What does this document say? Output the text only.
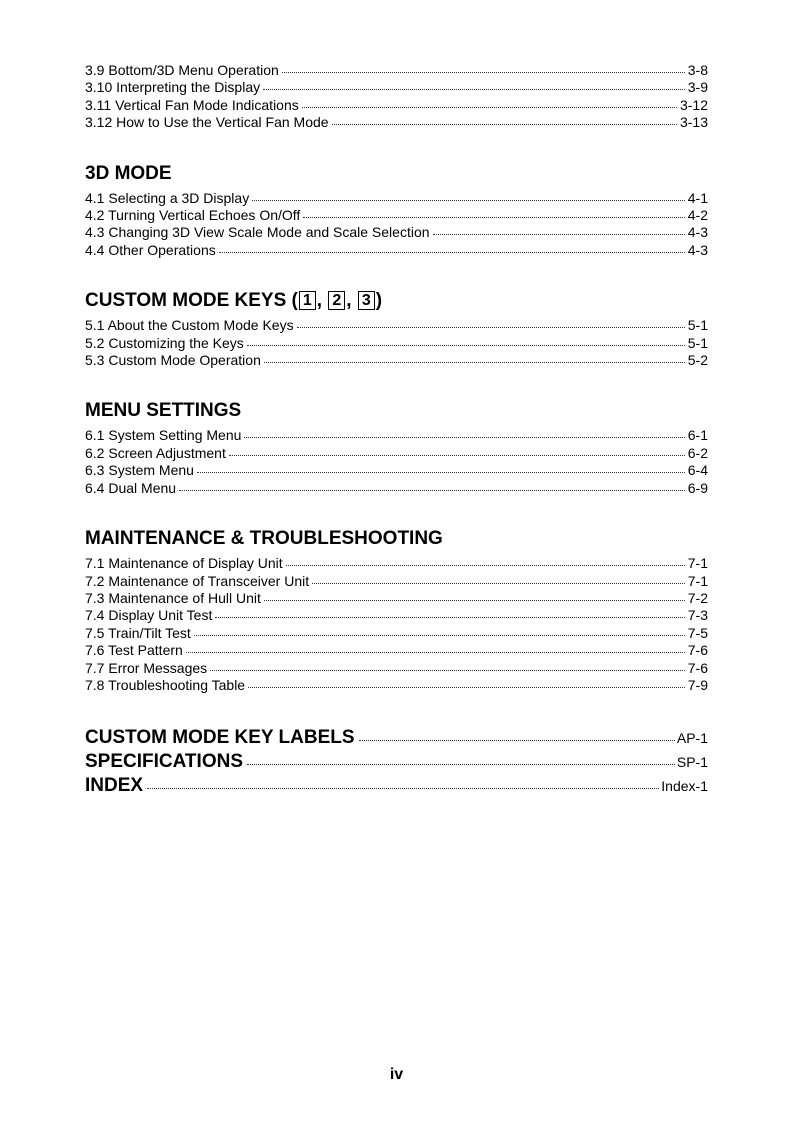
3.9 Bottom/3D Menu Operation	3-8
3.10 Interpreting the Display	3-9
3.11 Vertical Fan Mode Indications	3-12
3.12 How to Use the Vertical Fan Mode	3-13
3D MODE
4.1 Selecting a 3D Display	4-1
4.2 Turning Vertical Echoes On/Off	4-2
4.3 Changing 3D View Scale Mode and Scale Selection	4-3
4.4 Other Operations	4-3
CUSTOM MODE KEYS ( 1 , 2 , 3 )
5.1 About the Custom Mode Keys	5-1
5.2 Customizing the Keys	5-1
5.3 Custom Mode Operation	5-2
MENU SETTINGS
6.1 System Setting Menu	6-1
6.2 Screen Adjustment	6-2
6.3 System Menu	6-4
6.4 Dual Menu	6-9
MAINTENANCE & TROUBLESHOOTING
7.1 Maintenance of Display Unit	7-1
7.2 Maintenance of Transceiver Unit	7-1
7.3 Maintenance of Hull Unit	7-2
7.4 Display Unit Test	7-3
7.5 Train/Tilt Test	7-5
7.6 Test Pattern	7-6
7.7 Error Messages	7-6
7.8 Troubleshooting Table	7-9
CUSTOM MODE KEY LABELS	AP-1
SPECIFICATIONS	SP-1
INDEX	Index-1
iv
